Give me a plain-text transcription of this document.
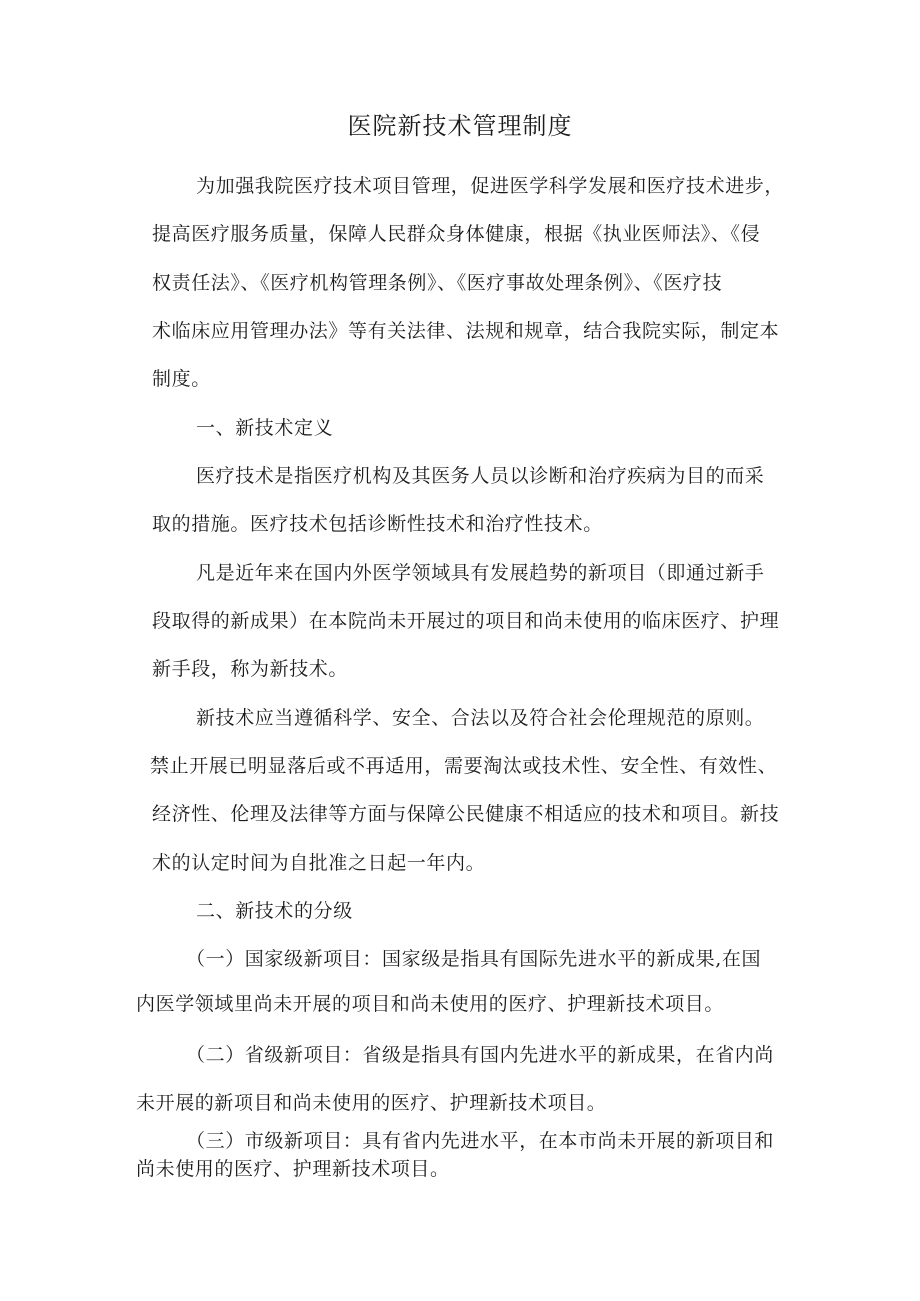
医院新技术管理制度
为加强我院医疗技术项目管理，促进医学科学发展和医疗技术进步，
提高医疗服务质量，保障人民群众身体健康，根据《执业医师法》、《侵
权责任法》、《医疗机构管理条例》、《医疗事故处理条例》、《医疗技
术临床应用管理办法》等有关法律、法规和规章，结合我院实际，制定本
制度。
一、新技术定义
医疗技术是指医疗机构及其医务人员以诊断和治疗疾病为目的而采
取的措施。医疗技术包括诊断性技术和治疗性技术。
凡是近年来在国内外医学领域具有发展趋势的新项目（即通过新手
段取得的新成果）在本院尚未开展过的项目和尚未使用的临床医疗、护理
新手段，称为新技术。
新技术应当遵循科学、安全、合法以及符合社会伦理规范的原则。
禁止开展已明显落后或不再适用，需要淘汰或技术性、安全性、有效性、
经济性、伦理及法律等方面与保障公民健康不相适应的技术和项目。新技
术的认定时间为自批准之日起一年内。
二、新技术的分级
（一）国家级新项目：国家级是指具有国际先进水平的新成果,在国
内医学领域里尚未开展的项目和尚未使用的医疗、护理新技术项目。
（二）省级新项目：省级是指具有国内先进水平的新成果，在省内尚
未开展的新项目和尚未使用的医疗、护理新技术项目。
（三）市级新项目：具有省内先进水平，在本市尚未开展的新项目和
尚未使用的医疗、护理新技术项目。
